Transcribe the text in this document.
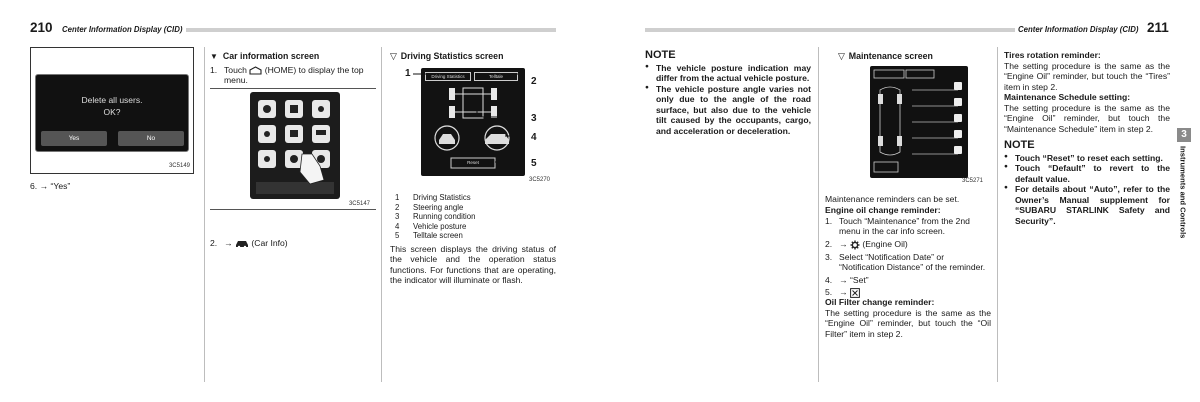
210 Center Information Display (CID)	Center Information Display (CID) 211
Delete all users.
OK?
Yes	No
3C5149
6. → “Yes”
▼ Car information screen
1. Touch (HOME) to display the top menu.
3C5147
2. → (Car Info)
▽ Driving Statistics screen
Driving Statistics	Telltale
Reset
1
2
3
4
5
3C5270
1	Driving Statistics
2	Steering angle
3	Running condition
4	Vehicle posture
5	Telltale screen
This screen displays the driving status of the vehicle and the operation status functions. For functions that are operating, the indicator will illuminate or flash.
NOTE
● The vehicle posture indication may differ from the actual vehicle posture.
● The vehicle posture angle varies not only due to the angle of the road surface, but also due to the vehicle tilt caused by the occupants, cargo, and acceleration or deceleration.
▽ Maintenance screen
3C5271
Maintenance reminders can be set.
Engine oil change reminder:
1. Touch “Maintenance” from the 2nd menu in the car info screen.
2. → (Engine Oil)
3. Select “Notification Date” or “Notification Distance” of the reminder.
4. → “Set”
5. →
Oil Filter change reminder:
The setting procedure is the same as the “Engine Oil” reminder, but touch the “Oil Filter” item in step 2.
Tires rotation reminder:
The setting procedure is the same as the “Engine Oil” reminder, but touch the “Tires” item in step 2.
Maintenance Schedule setting:
The setting procedure is the same as the “Engine Oil” reminder, but touch the “Maintenance Schedule” item in step 2.
NOTE
● Touch “Reset” to reset each setting.
● Touch “Default” to revert to the default value.
● For details about “Auto”, refer to the Owner’s Manual supplement for “SUBARU STARLINK Safety and Security”.
3
Instruments and Controls
